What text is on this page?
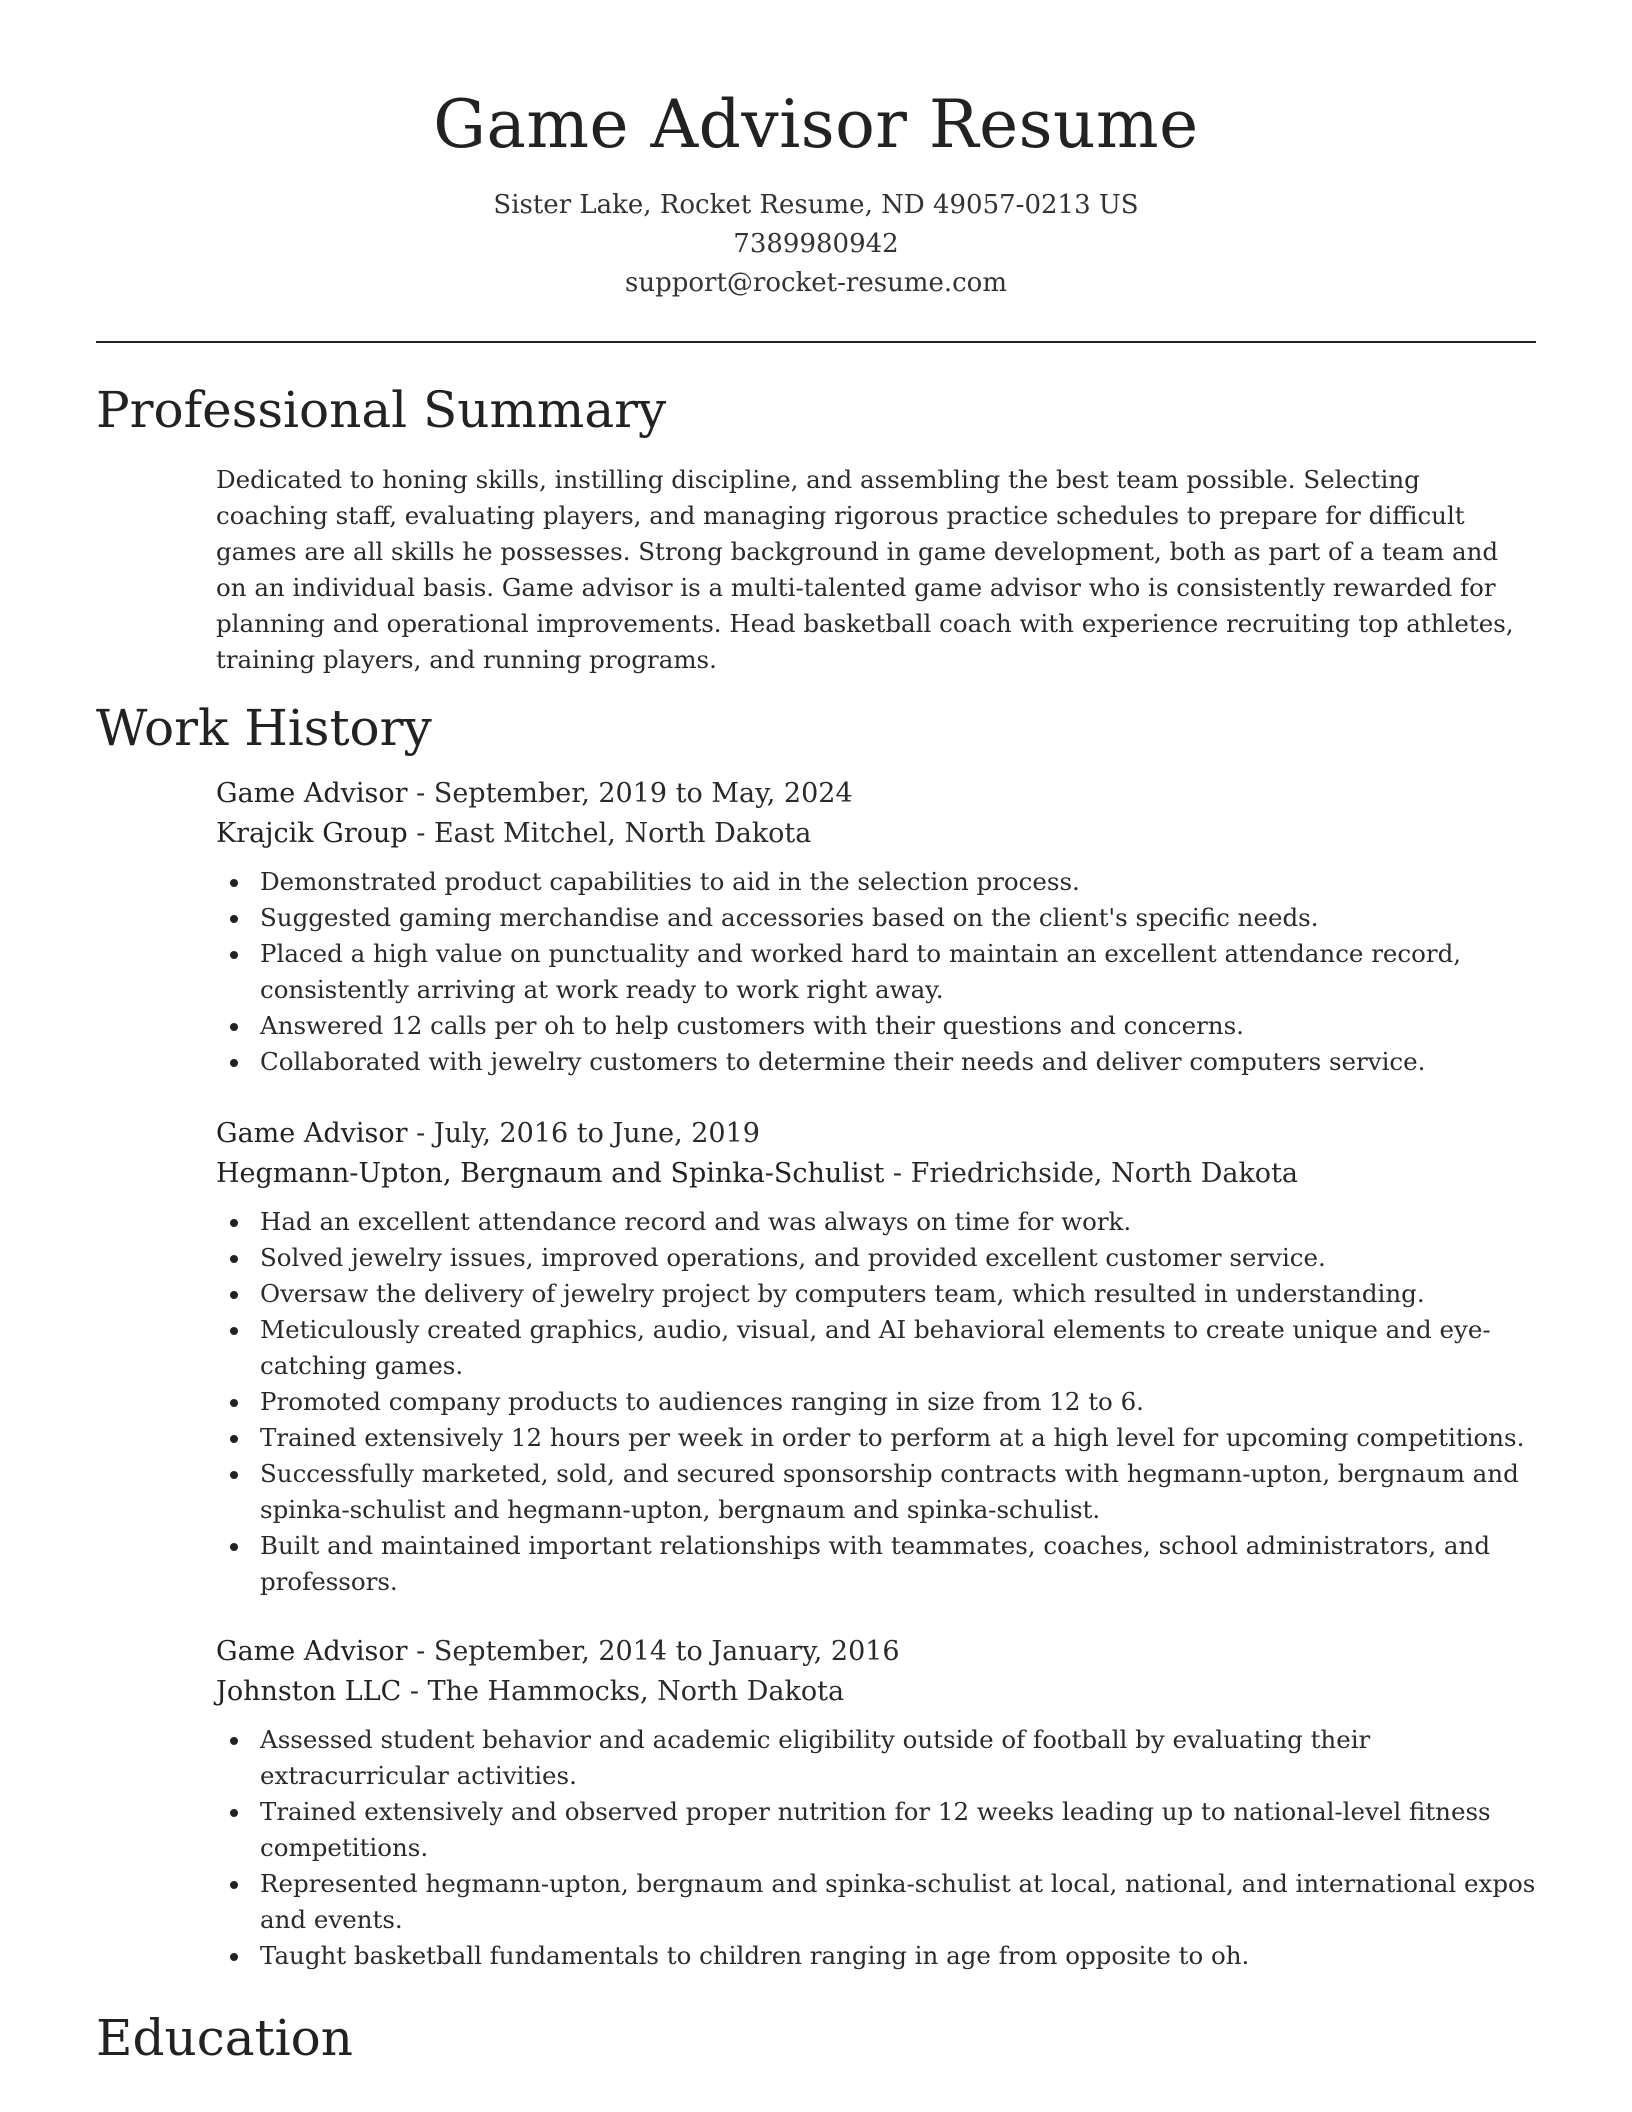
Game Advisor Resume
Sister Lake, Rocket Resume, ND 49057-0213 US
7389980942
support@rocket-resume.com
Professional Summary

Dedicated to honing skills, instilling discipline, and assembling the best team possible. Selecting coaching staff, evaluating players, and managing rigorous practice schedules to prepare for difficult games are all skills he possesses. Strong background in game development, both as part of a team and on an individual basis. Game advisor is a multi-talented game advisor who is consistently rewarded for planning and operational improvements. Head basketball coach with experience recruiting top athletes, training players, and running programs.

Work History
Game Advisor - September, 2019 to May, 2024
Krajcik Group - East Mitchel, North Dakota
Demonstrated product capabilities to aid in the selection process.
Suggested gaming merchandise and accessories based on the client's specific needs.
Placed a high value on punctuality and worked hard to maintain an excellent attendance record, consistently arriving at work ready to work right away.
Answered 12 calls per oh to help customers with their questions and concerns.
Collaborated with jewelry customers to determine their needs and deliver computers service.
Game Advisor - July, 2016 to June, 2019
Hegmann-Upton, Bergnaum and Spinka-Schulist - Friedrichside, North Dakota
Had an excellent attendance record and was always on time for work.
Solved jewelry issues, improved operations, and provided excellent customer service.
Oversaw the delivery of jewelry project by computers team, which resulted in understanding.
Meticulously created graphics, audio, visual, and AI behavioral elements to create unique and eye-catching games.
Promoted company products to audiences ranging in size from 12 to 6.
Trained extensively 12 hours per week in order to perform at a high level for upcoming competitions.
Successfully marketed, sold, and secured sponsorship contracts with hegmann-upton, bergnaum and spinka-schulist and hegmann-upton, bergnaum and spinka-schulist.
Built and maintained important relationships with teammates, coaches, school administrators, and professors.
Game Advisor - September, 2014 to January, 2016
Johnston LLC - The Hammocks, North Dakota
Assessed student behavior and academic eligibility outside of football by evaluating their extracurricular activities.
Trained extensively and observed proper nutrition for 12 weeks leading up to national-level fitness competitions.
Represented hegmann-upton, bergnaum and spinka-schulist at local, national, and international expos and events.
Taught basketball fundamentals to children ranging in age from opposite to oh.
Education
